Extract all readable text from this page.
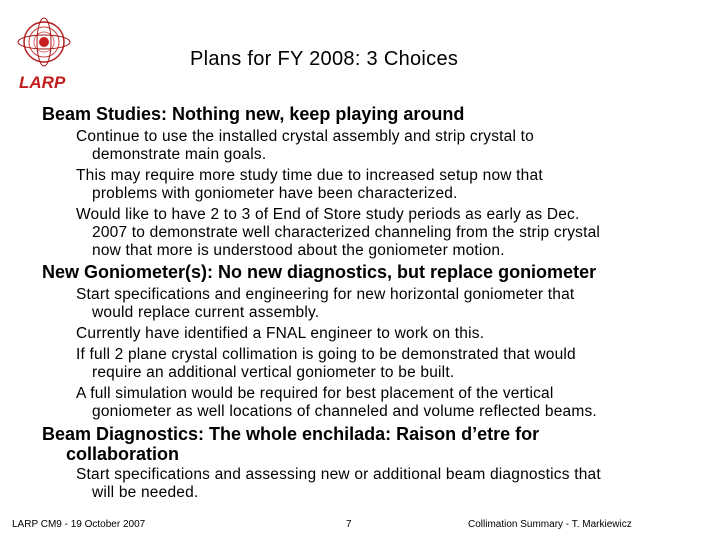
LARP
Plans for FY 2008: 3 Choices
Beam Studies: Nothing new, keep playing around
Continue to use the installed crystal assembly and strip crystal to
demonstrate main goals.
This may require more study time due to increased setup now that
problems with goniometer have been characterized.
Would like to have 2 to 3 of End of Store study periods as early as Dec.
2007 to demonstrate well characterized channeling from the strip crystal
now that more is understood about the goniometer motion.
New Goniometer(s): No new diagnostics, but replace goniometer
Start specifications and engineering for new horizontal goniometer that
would replace current assembly.
Currently have identified a FNAL engineer to work on this.
If full 2 plane crystal collimation is going to be demonstrated that would
require an additional vertical goniometer to be built.
A full simulation would be required for best placement of the vertical
goniometer as well locations of channeled and volume reflected beams.
Beam Diagnostics: The whole enchilada: Raison d’etre for
collaboration
Start specifications and assessing new or additional beam diagnostics that
will be needed.
LARP CM9 - 19 October 2007	7	Collimation Summary - T. Markiewicz
